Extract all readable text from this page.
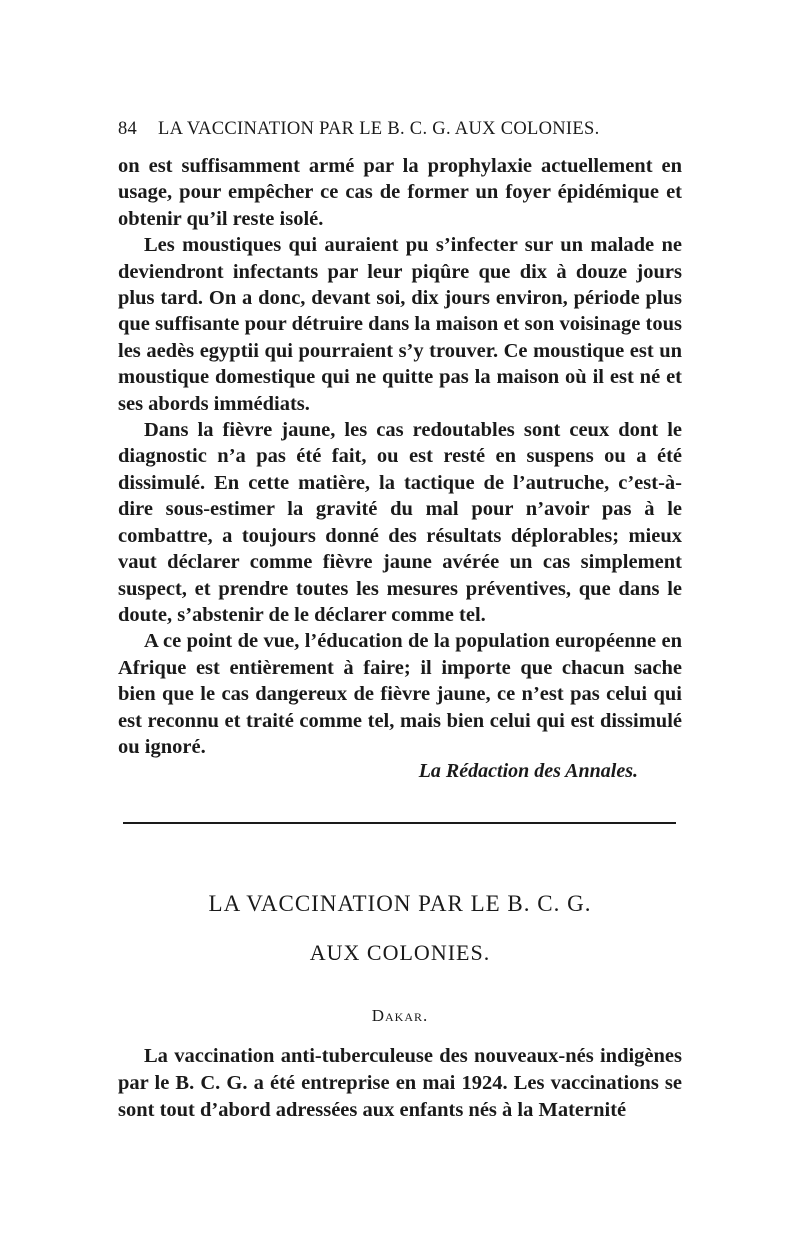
84 LA VACCINATION PAR LE B. C. G. AUX COLONIES.

on est suffisamment armé par la prophylaxie actuellement en usage, pour empêcher ce cas de former un foyer épidémique et obtenir qu’il reste isolé.

Les moustiques qui auraient pu s’infecter sur un malade ne deviendront infectants par leur piqûre que dix à douze jours plus tard. On a donc, devant soi, dix jours environ, période plus que suffisante pour détruire dans la maison et son voisinage tous les aedès egyptii qui pourraient s’y trouver. Ce moustique est un moustique domestique qui ne quitte pas la maison où il est né et ses abords immédiats.

Dans la fièvre jaune, les cas redoutables sont ceux dont le diagnostic n’a pas été fait, ou est resté en suspens ou a été dissimulé. En cette matière, la tactique de l’autruche, c’est-à-dire sous-estimer la gravité du mal pour n’avoir pas à le combattre, a toujours donné des résultats déplorables; mieux vaut déclarer comme fièvre jaune avérée un cas simplement suspect, et prendre toutes les mesures préventives, que dans le doute, s’abstenir de le déclarer comme tel.

A ce point de vue, l’éducation de la population européenne en Afrique est entièrement à faire; il importe que chacun sache bien que le cas dangereux de fièvre jaune, ce n’est pas celui qui est reconnu et traité comme tel, mais bien celui qui est dissimulé ou ignoré.

La Rédaction des Annales.
LA VACCINATION PAR LE B. C. G.
AUX COLONIES.
Dakar.

La vaccination anti-tuberculeuse des nouveaux-nés indigènes par le B. C. G. a été entreprise en mai 1924. Les vaccinations se sont tout d’abord adressées aux enfants nés à la Maternité
